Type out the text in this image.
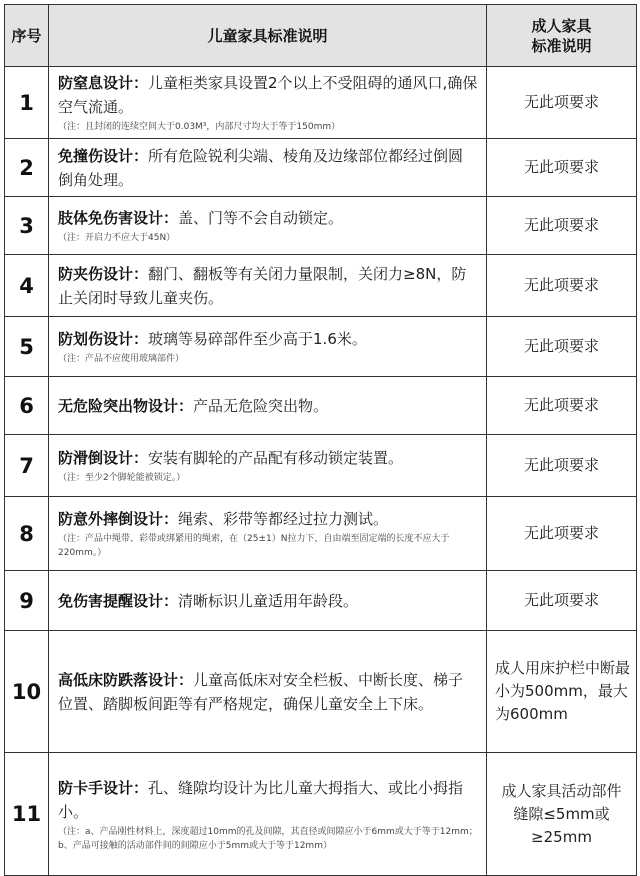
序号	儿童家具标准说明	成人家具
标准说明
1	防窒息设计：儿童柜类家具设置2个以上不受阻碍的通风口,确保空气流通。
（注：且封闭的连续空间大于0.03M³，内部尺寸均大于等于150mm）	无此项要求
2	免撞伤设计：所有危险锐利尖端、棱角及边缘部位都经过倒圆倒角处理。	无此项要求
3	肢体免伤害设计：盖、门等不会自动锁定。
（注：开启力不应大于45N）	无此项要求
4	防夹伤设计：翻门、翻板等有关闭力量限制，关闭力≥8N，防止关闭时导致儿童夹伤。	无此项要求
5	防划伤设计：玻璃等易碎部件至少高于1.6米。
（注：产品不应使用玻璃部件）	无此项要求
6	无危险突出物设计：产品无危险突出物。	无此项要求
7	防滑倒设计：安装有脚轮的产品配有移动锁定装置。
（注：至少2个脚轮能被锁定。）	无此项要求
8	防意外摔倒设计：绳索、彩带等都经过拉力测试。
（注：产品中绳带、彩带或绑紧用的绳索，在（25±1）N拉力下，自由端至固定端的长度不应大于220mm。）	无此项要求
9	免伤害提醒设计：清晰标识儿童适用年龄段。	无此项要求
10	高低床防跌落设计：儿童高低床对安全栏板、中断长度、梯子位置、踏脚板间距等有严格规定，确保儿童安全上下床。	成人用床护栏中断最小为500mm，最大为600mm
11	防卡手设计：孔、缝隙均设计为比儿童大拇指大、或比小拇指小。
（注：a、产品刚性材料上，深度超过10mm的孔及间隙，其直径或间隙应小于6mm或大于等于12mm；b、产品可接触的活动部件间的间隙应小于5mm或大于等于12mm）	成人家具活动部件缝隙≤5mm或≥25mm
